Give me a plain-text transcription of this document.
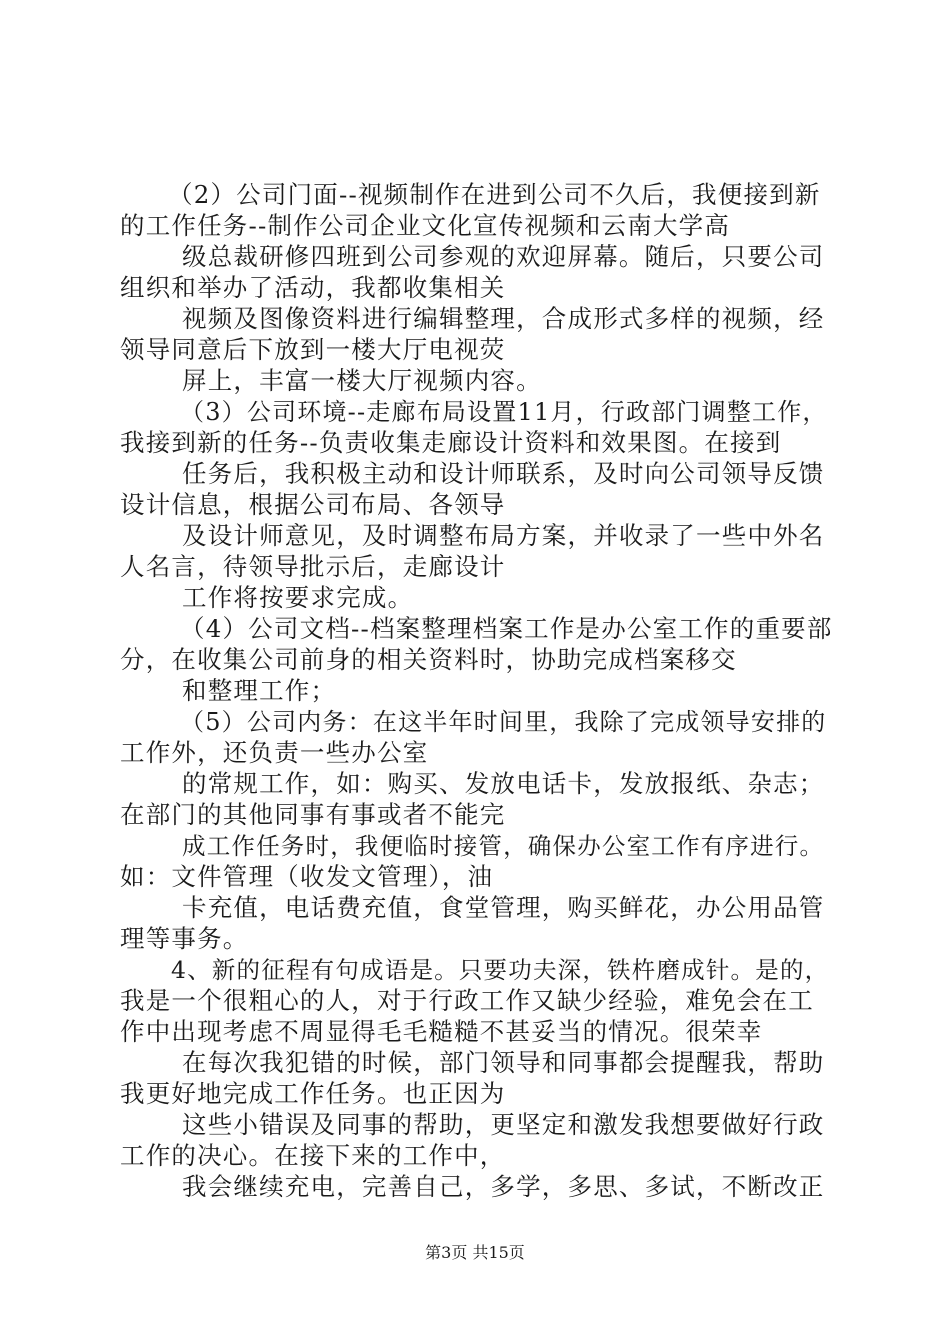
（2）公司门面--视频制作在进到公司不久后，我便接到新
的工作任务--制作公司企业文化宣传视频和云南大学高
级总裁研修四班到公司参观的欢迎屏幕。随后，只要公司
组织和举办了活动，我都收集相关
视频及图像资料进行编辑整理，合成形式多样的视频，经
领导同意后下放到一楼大厅电视荧
屏上，丰富一楼大厅视频内容。
（3）公司环境--走廊布局设置11月，行政部门调整工作，
我接到新的任务--负责收集走廊设计资料和效果图。在接到
任务后，我积极主动和设计师联系，及时向公司领导反馈
设计信息，根据公司布局、各领导
及设计师意见，及时调整布局方案，并收录了一些中外名
人名言，待领导批示后，走廊设计
工作将按要求完成。
（4）公司文档--档案整理档案工作是办公室工作的重要部
分，在收集公司前身的相关资料时，协助完成档案移交
和整理工作；
（5）公司内务：在这半年时间里，我除了完成领导安排的
工作外，还负责一些办公室
的常规工作，如：购买、发放电话卡，发放报纸、杂志；
在部门的其他同事有事或者不能完
成工作任务时，我便临时接管，确保办公室工作有序进行。
如：文件管理（收发文管理），油
卡充值，电话费充值，食堂管理，购买鲜花，办公用品管
理等事务。
4、新的征程有句成语是。只要功夫深，铁杵磨成针。是的，
我是一个很粗心的人，对于行政工作又缺少经验，难免会在工
作中出现考虑不周显得毛毛糙糙不甚妥当的情况。很荣幸
在每次我犯错的时候，部门领导和同事都会提醒我，帮助
我更好地完成工作任务。也正因为
这些小错误及同事的帮助，更坚定和激发我想要做好行政
工作的决心。在接下来的工作中，
我会继续充电，完善自己，多学，多思、多试，不断改正
第3页 共15页
